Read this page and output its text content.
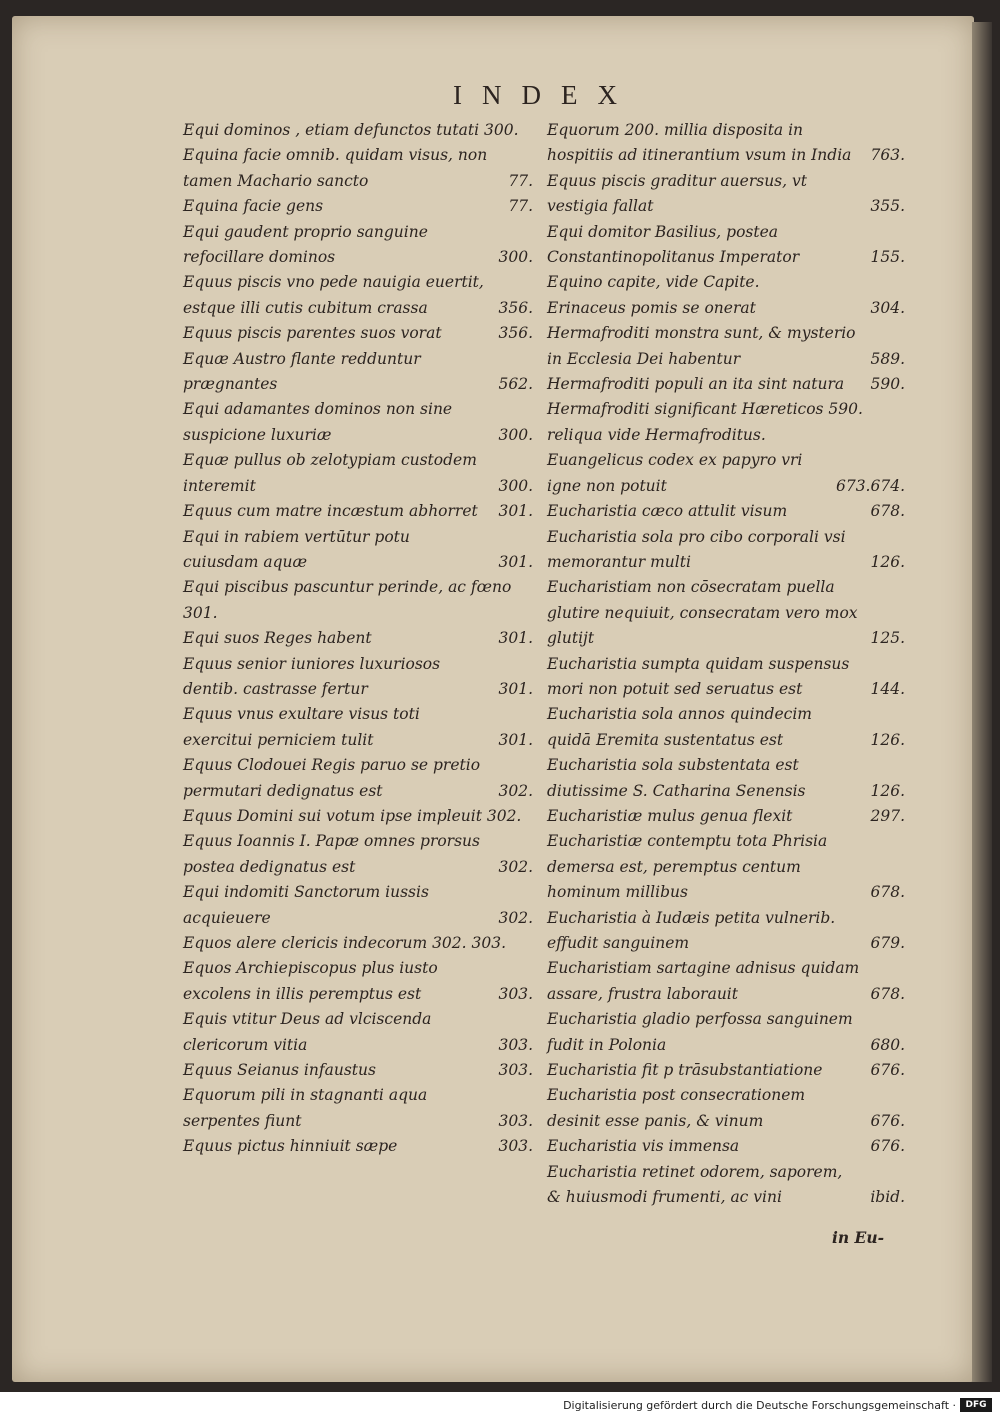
INDEX
Equi dominos , etiam defunctos tutati 300.
Equina facie omnib. quidam visus, non tamen Machario sancto	77.
Equina facie gens	77.
Equi gaudent proprio sanguine refocillare dominos	300.
Equus piscis vno pede nauigia euertit, estque illi cutis cubitum crassa	356.
Equus piscis parentes suos vorat	356.
Equæ Austro flante redduntur prægnantes	562.
Equi adamantes dominos non sine suspicione luxuriæ	300.
Equæ pullus ob zelotypiam custodem interemit	300.
Equus cum matre incæstum abhorret	301.
Equi in rabiem vertūtur potu cuiusdam aquæ	301.
Equi piscibus pascuntur perinde, ac fœno 301.
Equi suos Reges habent	301.
Equus senior iuniores luxuriosos dentib. castrasse fertur	301.
Equus vnus exultare visus toti exercitui perniciem tulit	301.
Equus Clodouei Regis paruo se pretio permutari dedignatus est	302.
Equus Domini sui votum ipse impleuit 302.
Equus Ioannis I. Papæ omnes prorsus postea dedignatus est	302.
Equi indomiti Sanctorum iussis acquieuere	302.
Equos alere clericis indecorum 302. 303.
Equos Archiepiscopus plus iusto excolens in illis peremptus est	303.
Equis vtitur Deus ad vlciscenda clericorum vitia	303.
Equus Seianus infaustus	303.
Equorum pili in stagnanti aqua serpentes fiunt	303.
Equus pictus hinniuit sæpe	303.
Equorum 200. millia disposita in hospitiis ad itinerantium vsum in India	763.
Equus piscis graditur auersus, vt vestigia fallat	355.
Equi domitor Basilius, postea Constantinopolitanus Imperator	155.
Equino capite, vide Capite.
Erinaceus pomis se onerat	304.
Hermafroditi monstra sunt, & mysterio in Ecclesia Dei habentur	589.
Hermafroditi populi an ita sint natura	590.
Hermafroditi significant Hæreticos 590. reliqua vide Hermafroditus.
Euangelicus codex ex papyro vri igne non potuit	673.674.
Eucharistia cæco attulit visum	678.
Eucharistia sola pro cibo corporali vsi memorantur multi	126.
Eucharistiam non cōsecratam puella glutire nequiuit, consecratam vero mox glutijt	125.
Eucharistia sumpta quidam suspensus mori non potuit sed seruatus est	144.
Eucharistia sola annos quindecim quidā Eremita sustentatus est	126.
Eucharistia sola substentata est diutissime S. Catharina Senensis	126.
Eucharistiæ mulus genua flexit	297.
Eucharistiæ contemptu tota Phrisia demersa est, peremptus centum hominum millibus	678.
Eucharistia à Iudæis petita vulnerib. effudit sanguinem	679.
Eucharistiam sartagine adnisus quidam assare, frustra laborauit	678.
Eucharistia gladio perfossa sanguinem fudit in Polonia	680.
Eucharistia fit p trāsubstantiatione	676.
Eucharistia post consecrationem desinit esse panis, & vinum	676.
Eucharistia vis immensa	676.
Eucharistia retinet odorem, saporem, & huiusmodi frumenti, ac vini	ibid.
in Eu-
Digitalisierung gefördert durch die Deutsche Forschungsgemeinschaft ·	DFG
